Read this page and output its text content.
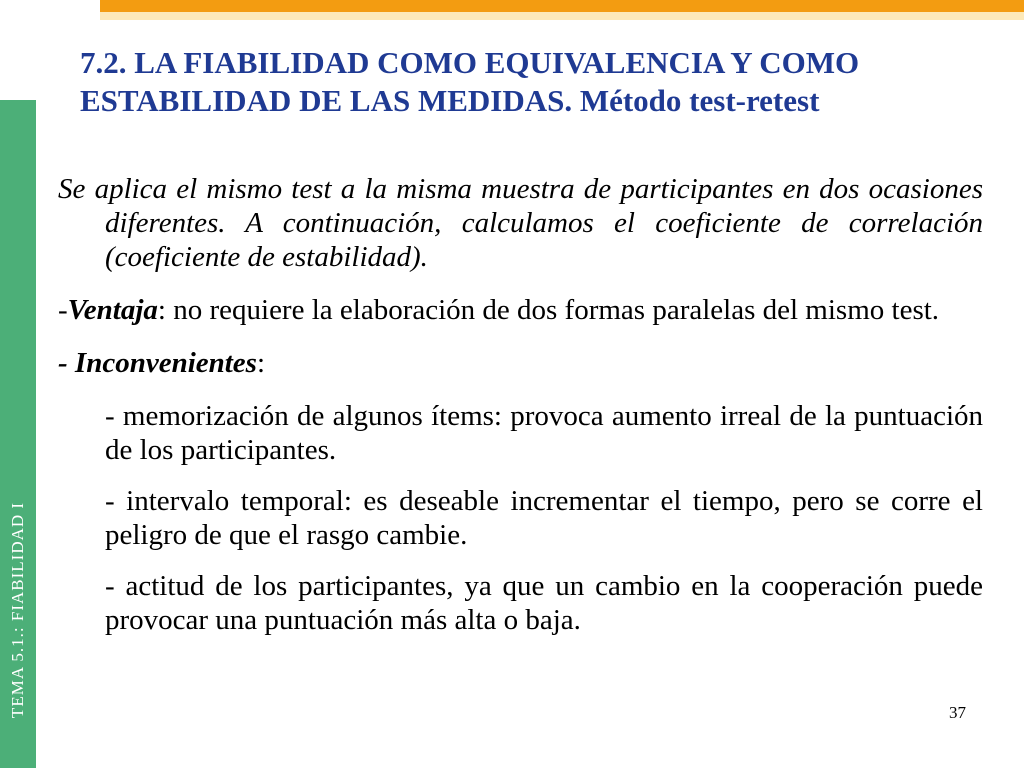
TEMA 5.1.: FIABILIDAD I
7.2. LA FIABILIDAD COMO EQUIVALENCIA Y COMO
ESTABILIDAD DE LAS MEDIDAS. Método test-retest

Se aplica el mismo test a la misma muestra de participantes en dos ocasiones diferentes. A continuación, calculamos el coeficiente de correlación (coeficiente de estabilidad).

-Ventaja: no requiere la elaboración de dos formas paralelas del mismo test.

- Inconvenientes:

- memorización de algunos ítems: provoca aumento irreal de la puntuación de los participantes.

- intervalo temporal: es deseable incrementar el tiempo, pero se corre el peligro de que el rasgo cambie.

- actitud de los participantes, ya que un cambio en la cooperación puede provocar una puntuación más alta o baja.

37
